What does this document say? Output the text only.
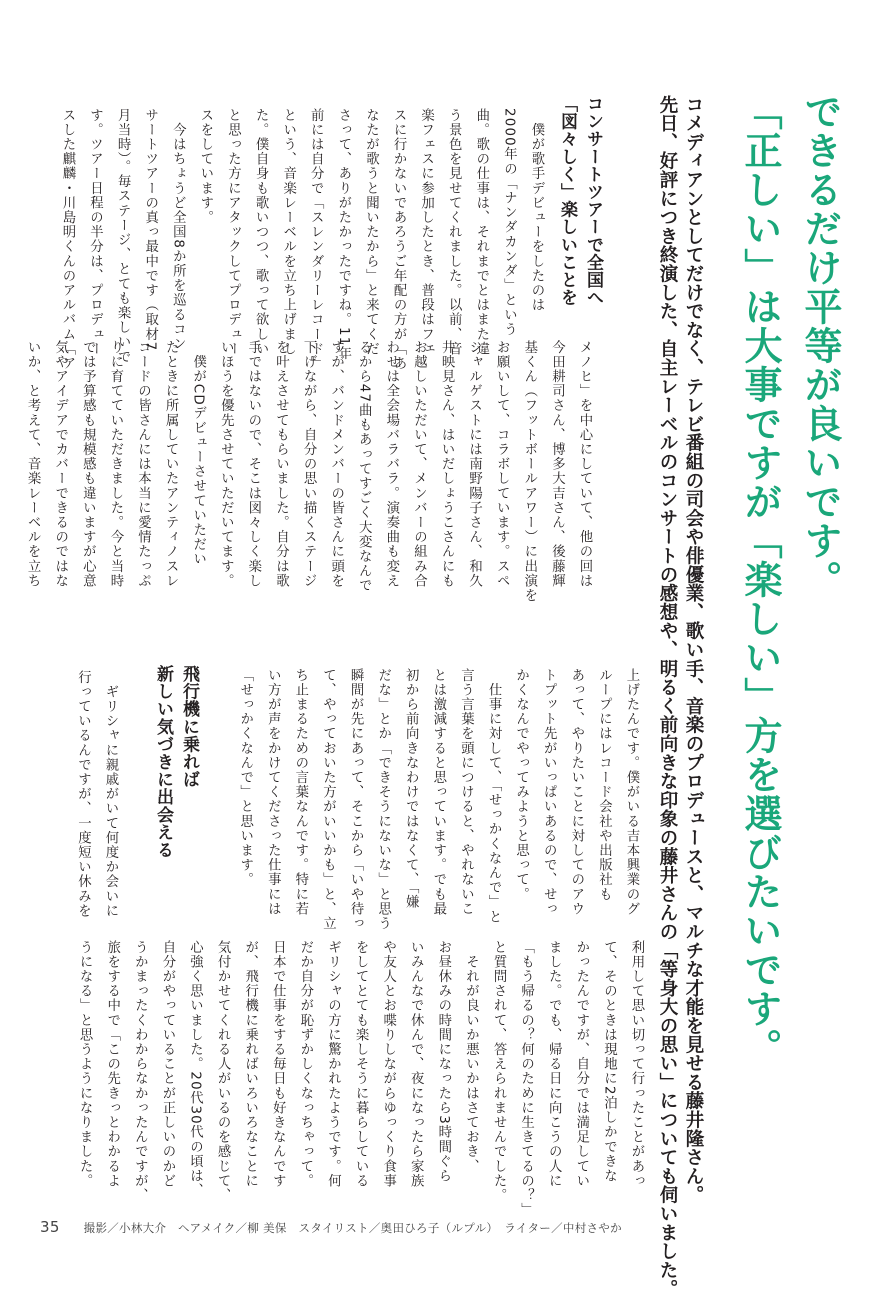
できるだけ平等が良いです。
「正しい」は大事ですが「楽しい」方を選びたいです。
コメディアンとしてだけでなく、テレビ番組の司会や俳優業、歌い手、音楽のプロデュースと、マルチな才能を見せる藤井隆さん。
先日、好評につき終演した、自主レーベルのコンサートの感想や、明るく前向きな印象の藤井さんの「等身大の思い」についても伺いました。
コンサートツアーで全国へ
「図々しく」楽しいことを
　僕が歌手デビューをしたのは
2000年の「ナンダカンダ」という
曲。歌の仕事は、それまでとはまた違
う景色を見せてくれました。以前、音
楽フェスに参加したとき、普段はフェ
スに行かないであろうご年配の方が「あ
なたが歌うと聞いたから」と来てくだ
さって、ありがたかったですね。11年
前には自分で「スレンダリーレコード」
という、音楽レーベルを立ち上げまし
た。僕自身も歌いつつ、歌って欲しい
と思った方にアタックしてプロデュー
スをしています。
　今はちょうど全国8か所を巡るコン
サートツアーの真っ最中です（取材7
月当時）。毎ステージ、とても楽しいで
す。ツアー日程の半分は、プロデュー
スした麒麟・川島明くんのアルバム「ア
飛行機に乗れば
新しい気づきに出会える
　ギリシャに親戚がいて何度か会いに
行っているんですが、一度短い休みを	上げたんです。僕がいる吉本興業のグ
ループにはレコード会社や出版社も
あって、やりたいことに対してのアウ
トプット先がいっぱいあるので、せっ
かくなんでやってみようと思って。
　仕事に対して、「せっかくなんで」と
言う言葉を頭につけると、やれないこ
とは激減すると思っています。でも最
初から前向きなわけではなくて、「嫌
だな」とか「できそうにないな」と思う
瞬間が先にあって、そこから「いや待っ
て、やっておいた方がいいかも」と、立
ち止まるための言葉なんです。特に若
い方が声をかけてくださった仕事には
「せっかくなんで」と思います。
メノヒ」を中心にしていて、他の回は
今田耕司さん、博多大吉さん、後藤輝
基くん（フットボールアワー）に出演を
お願いして、コラボしています。スペ
シャルゲストには南野陽子さん、和久
井映見さん、はいだしょうこさんにも
お越しいただいて、メンバーの組み合
わせは全会場バラバラ。演奏曲も変え
るから47曲もあってすごく大変なんで
すが、バンドメンバーの皆さんに頭を
下げながら、自分の思い描くステージ
を叶えさせてもらいました。自分は歌
手ではないので、そこは図々しく楽し
いほうを優先させていただいてます。
　僕がCDデビューさせていただい
たときに所属していたアンティノスレ
コードの皆さんには本当に愛情たっぷ
りに育てていただきました。今と当時
では予算感も規模感も違いますが心意
気やアイデアでカバーできるのではな
いか、と考えて、音楽レーベルを立ち
利用して思い切って行ったことがあっ
て、そのときは現地に2泊しかできな
かったんですが、自分では満足してい
ました。でも、帰る日に向こうの人に
「もう帰るの？何のために生きてるの？」
と質問されて、答えられませんでした。
　それが良いか悪いかはさておき、
お昼休みの時間になったら3時間ぐら
いみんなで休んで、夜になったら家族
や友人とお喋りしながらゆっくり食事
をしてとても楽しそうに暮らしている
ギリシャの方に驚かれたようです。何
だか自分が恥ずかしくなっちゃって。
日本で仕事をする毎日も好きなんです
が、飛行機に乗ればいろいろなことに
気付かせてくれる人がいるのを感じて、
心強く思いました。20代30代の頃は、
自分がやっていることが正しいのかど
うかまったくわからなかったんですが、
旅をする中で「この先きっとわかるよ
うになる」と思うようになりました。
35 撮影／小林大介　ヘアメイク／柳 美保　スタイリスト／奥田ひろ子（ルプル）　ライター／中村さやか
